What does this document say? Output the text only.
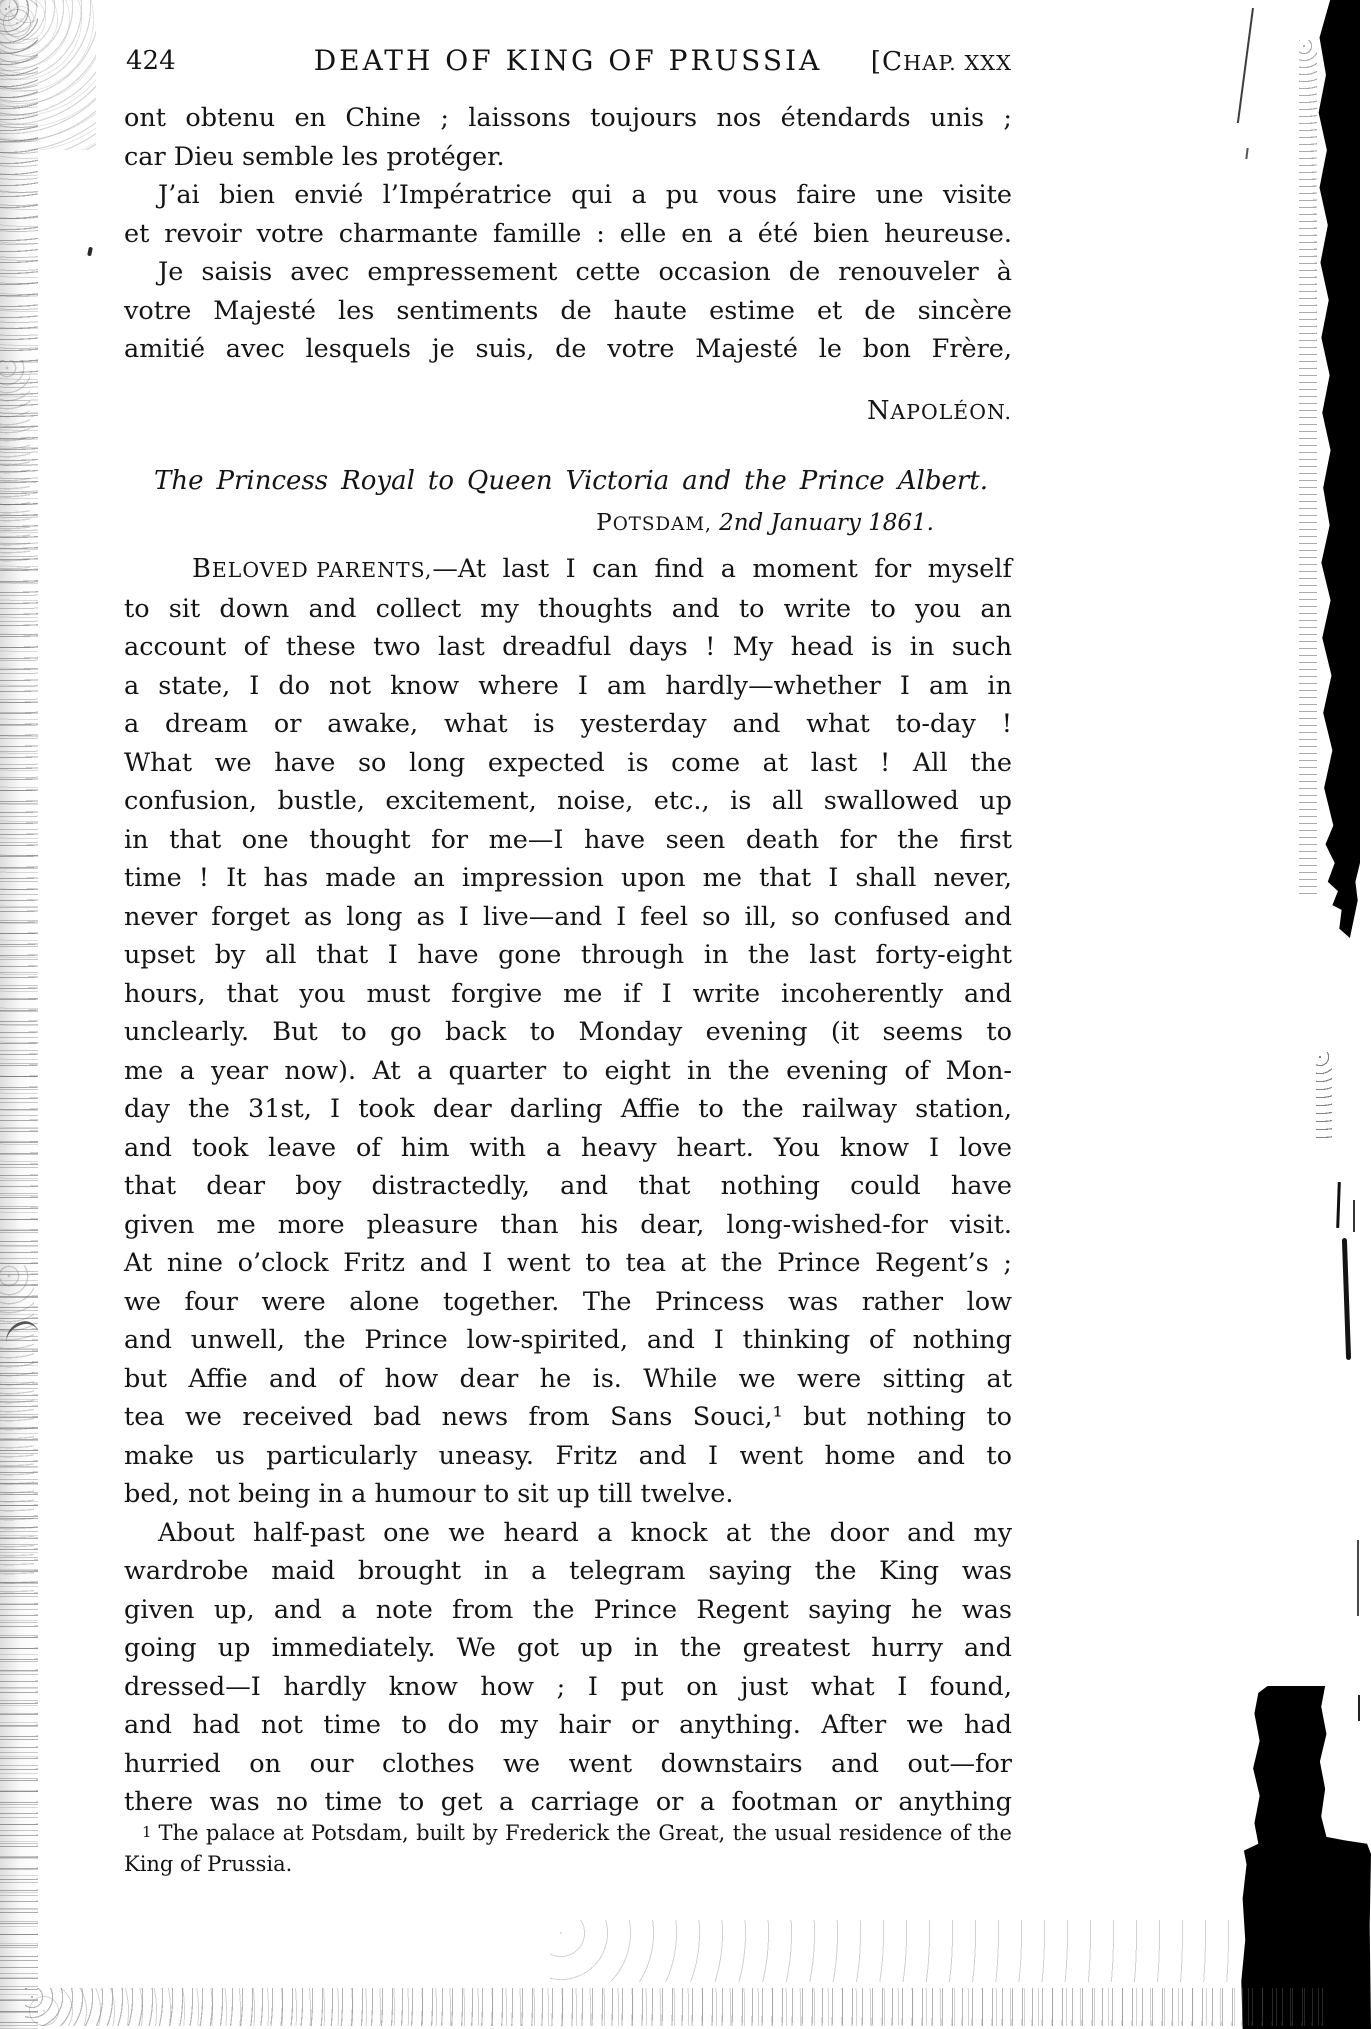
424	DEATH OF KING OF PRUSSIA [CHAP. XXX
ont obtenu en Chine ; laissons toujours nos étendards unis ;
car Dieu semble les protéger.
J’ai bien envié l’Impératrice qui a pu vous faire une visite
et revoir votre charmante famille : elle en a été bien heureuse.
Je saisis avec empressement cette occasion de renouveler à
votre Majesté les sentiments de haute estime et de sincère
amitié avec lesquels je suis, de votre Majesté le bon Frère,
NAPOLÉON.
The Princess Royal to Queen Victoria and the Prince Albert.
POTSDAM, 2nd January 1861.
BELOVED PARENTS,—At last I can find a moment for myself
to sit down and collect my thoughts and to write to you an
account of these two last dreadful days ! My head is in such
a state, I do not know where I am hardly—whether I am in
a dream or awake, what is yesterday and what to-day !
What we have so long expected is come at last ! All the
confusion, bustle, excitement, noise, etc., is all swallowed up
in that one thought for me—I have seen death for the first
time ! It has made an impression upon me that I shall never,
never forget as long as I live—and I feel so ill, so confused and
upset by all that I have gone through in the last forty-eight
hours, that you must forgive me if I write incoherently and
unclearly. But to go back to Monday evening (it seems to
me a year now). At a quarter to eight in the evening of Mon-
day the 31st, I took dear darling Affie to the railway station,
and took leave of him with a heavy heart. You know I love
that dear boy distractedly, and that nothing could have
given me more pleasure than his dear, long-wished-for visit.
At nine o’clock Fritz and I went to tea at the Prince Regent’s ;
we four were alone together. The Princess was rather low
and unwell, the Prince low-spirited, and I thinking of nothing
but Affie and of how dear he is. While we were sitting at
tea we received bad news from Sans Souci,¹ but nothing to
make us particularly uneasy. Fritz and I went home and to
bed, not being in a humour to sit up till twelve.
About half-past one we heard a knock at the door and my
wardrobe maid brought in a telegram saying the King was
given up, and a note from the Prince Regent saying he was
going up immediately. We got up in the greatest hurry and
dressed—I hardly know how ; I put on just what I found,
and had not time to do my hair or anything. After we had
hurried on our clothes we went downstairs and out—for
there was no time to get a carriage or a footman or anything
1 The palace at Potsdam, built by Frederick the Great, the usual residence of the
King of Prussia.
